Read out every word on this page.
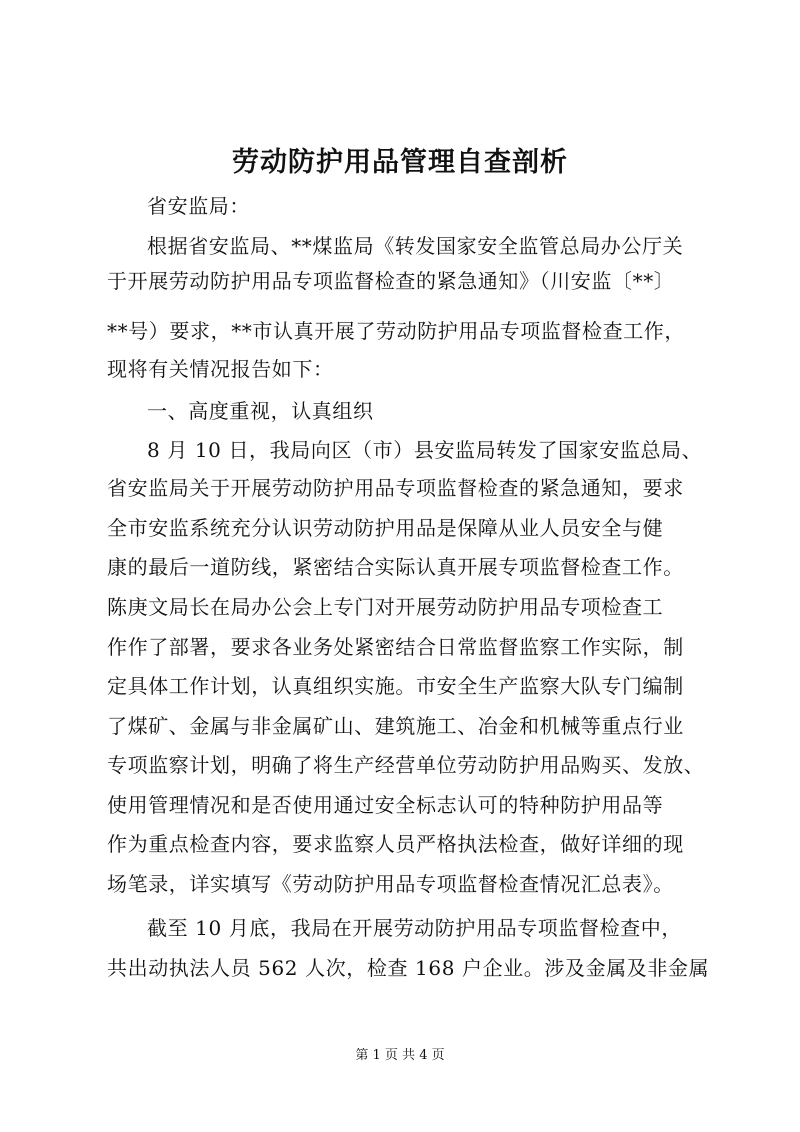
劳动防护用品管理自查剖析
省安监局：
根据省安监局、**煤监局《转发国家安全监管总局办公厅关
于开展劳动防护用品专项监督检查的紧急通知》（川安监〔**〕
**号）要求，**市认真开展了劳动防护用品专项监督检查工作，
现将有关情况报告如下：
一、高度重视，认真组织
8 月 10 日，我局向区（市）县安监局转发了国家安监总局、
省安监局关于开展劳动防护用品专项监督检查的紧急通知，要求
全市安监系统充分认识劳动防护用品是保障从业人员安全与健
康的最后一道防线，紧密结合实际认真开展专项监督检查工作。
陈庚文局长在局办公会上专门对开展劳动防护用品专项检查工
作作了部署，要求各业务处紧密结合日常监督监察工作实际，制
定具体工作计划，认真组织实施。市安全生产监察大队专门编制
了煤矿、金属与非金属矿山、建筑施工、冶金和机械等重点行业
专项监察计划，明确了将生产经营单位劳动防护用品购买、发放、
使用管理情况和是否使用通过安全标志认可的特种防护用品等
作为重点检查内容，要求监察人员严格执法检查，做好详细的现
场笔录，详实填写《劳动防护用品专项监督检查情况汇总表》。
截至 10 月底，我局在开展劳动防护用品专项监督检查中，
共出动执法人员 562 人次，检查 168 户企业。涉及金属及非金属
第 1 页 共 4 页
